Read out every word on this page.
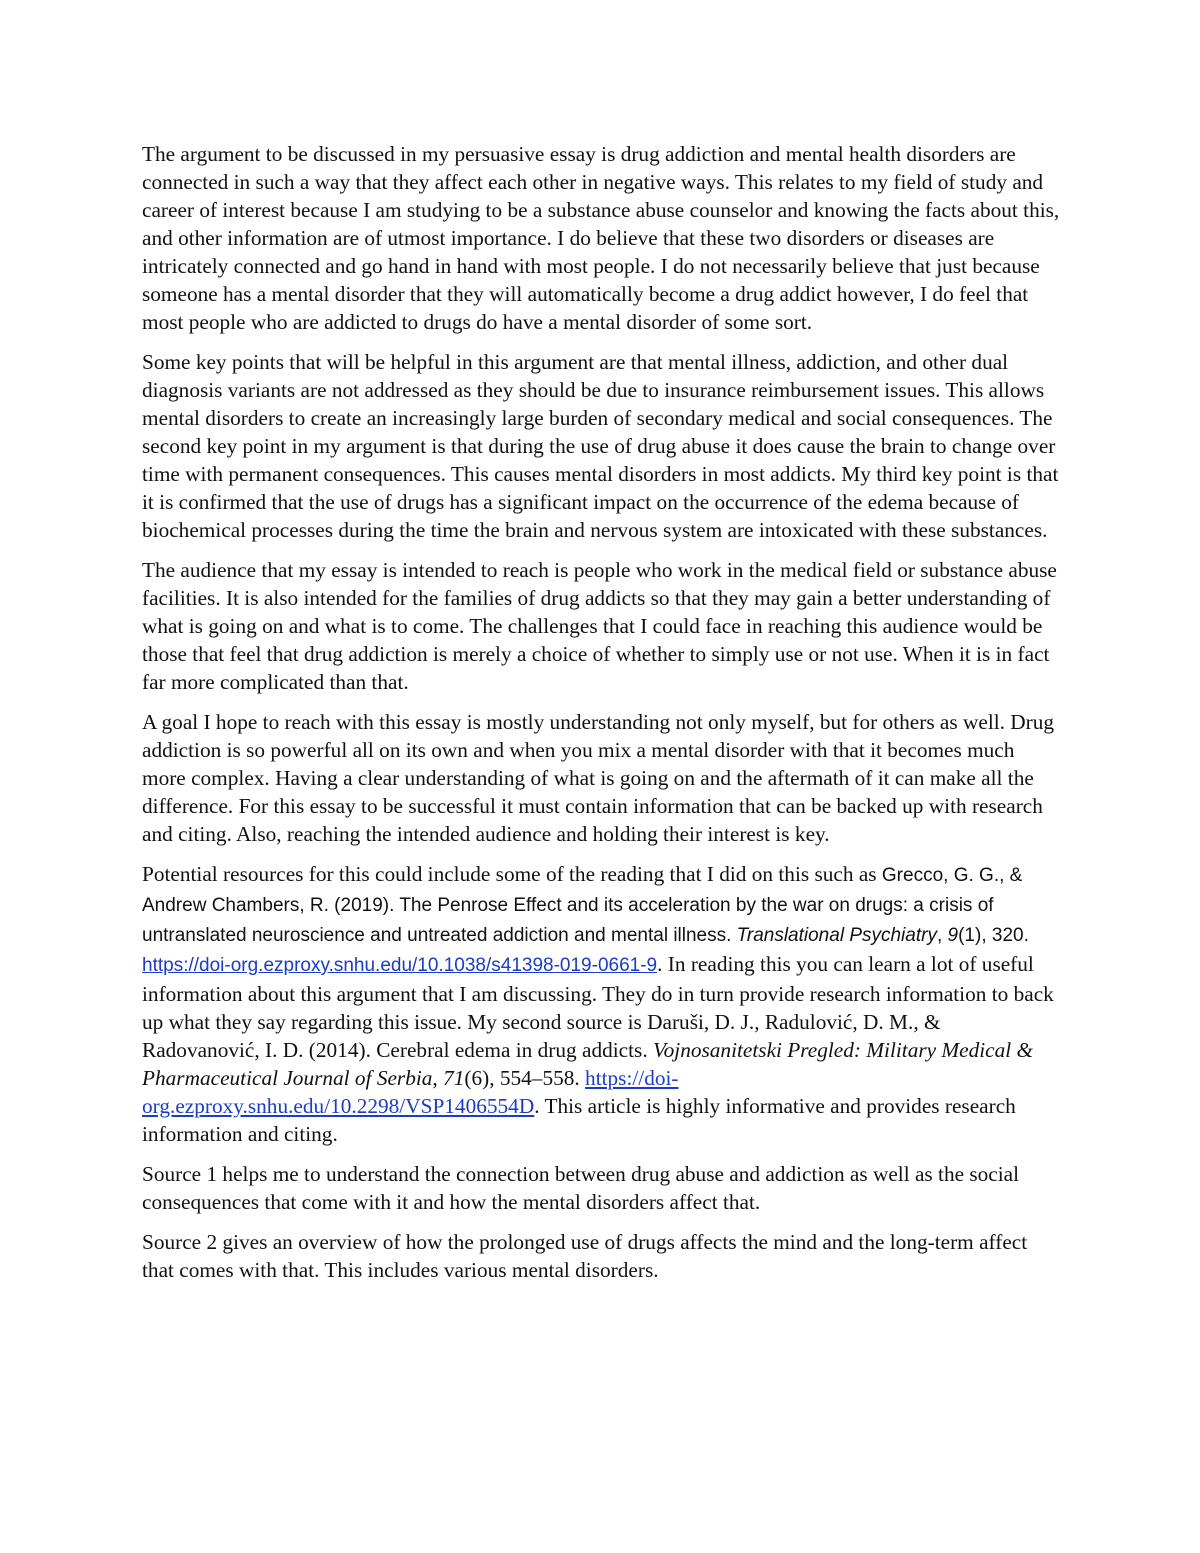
The argument to be discussed in my persuasive essay is drug addiction and mental health disorders are connected in such a way that they affect each other in negative ways. This relates to my field of study and career of interest because I am studying to be a substance abuse counselor and knowing the facts about this, and other information are of utmost importance. I do believe that these two disorders or diseases are intricately connected and go hand in hand with most people. I do not necessarily believe that just because someone has a mental disorder that they will automatically become a drug addict however, I do feel that most people who are addicted to drugs do have a mental disorder of some sort.

Some key points that will be helpful in this argument are that mental illness, addiction, and other dual diagnosis variants are not addressed as they should be due to insurance reimbursement issues. This allows mental disorders to create an increasingly large burden of secondary medical and social consequences. The second key point in my argument is that during the use of drug abuse it does cause the brain to change over time with permanent consequences. This causes mental disorders in most addicts. My third key point is that it is confirmed that the use of drugs has a significant impact on the occurrence of the edema because of biochemical processes during the time the brain and nervous system are intoxicated with these substances.

The audience that my essay is intended to reach is people who work in the medical field or substance abuse facilities. It is also intended for the families of drug addicts so that they may gain a better understanding of what is going on and what is to come. The challenges that I could face in reaching this audience would be those that feel that drug addiction is merely a choice of whether to simply use or not use. When it is in fact far more complicated than that.

A goal I hope to reach with this essay is mostly understanding not only myself, but for others as well. Drug addiction is so powerful all on its own and when you mix a mental disorder with that it becomes much more complex. Having a clear understanding of what is going on and the aftermath of it can make all the difference. For this essay to be successful it must contain information that can be backed up with research and citing. Also, reaching the intended audience and holding their interest is key.

Potential resources for this could include some of the reading that I did on this such as Grecco, G. G., & Andrew Chambers, R. (2019). The Penrose Effect and its acceleration by the war on drugs: a crisis of untranslated neuroscience and untreated addiction and mental illness. Translational Psychiatry, 9(1), 320. https://doi-org.ezproxy.snhu.edu/10.1038/s41398-019-0661-9. In reading this you can learn a lot of useful information about this argument that I am discussing. They do in turn provide research information to back up what they say regarding this issue. My second source is Daruši, D. J., Radulović, D. M., & Radovanović, I. D. (2014). Cerebral edema in drug addicts. Vojnosanitetski Pregled: Military Medical & Pharmaceutical Journal of Serbia, 71(6), 554–558. https://doi-org.ezproxy.snhu.edu/10.2298/VSP1406554D. This article is highly informative and provides research information and citing.

Source 1 helps me to understand the connection between drug abuse and addiction as well as the social consequences that come with it and how the mental disorders affect that.

Source 2 gives an overview of how the prolonged use of drugs affects the mind and the long-term affect that comes with that. This includes various mental disorders.
